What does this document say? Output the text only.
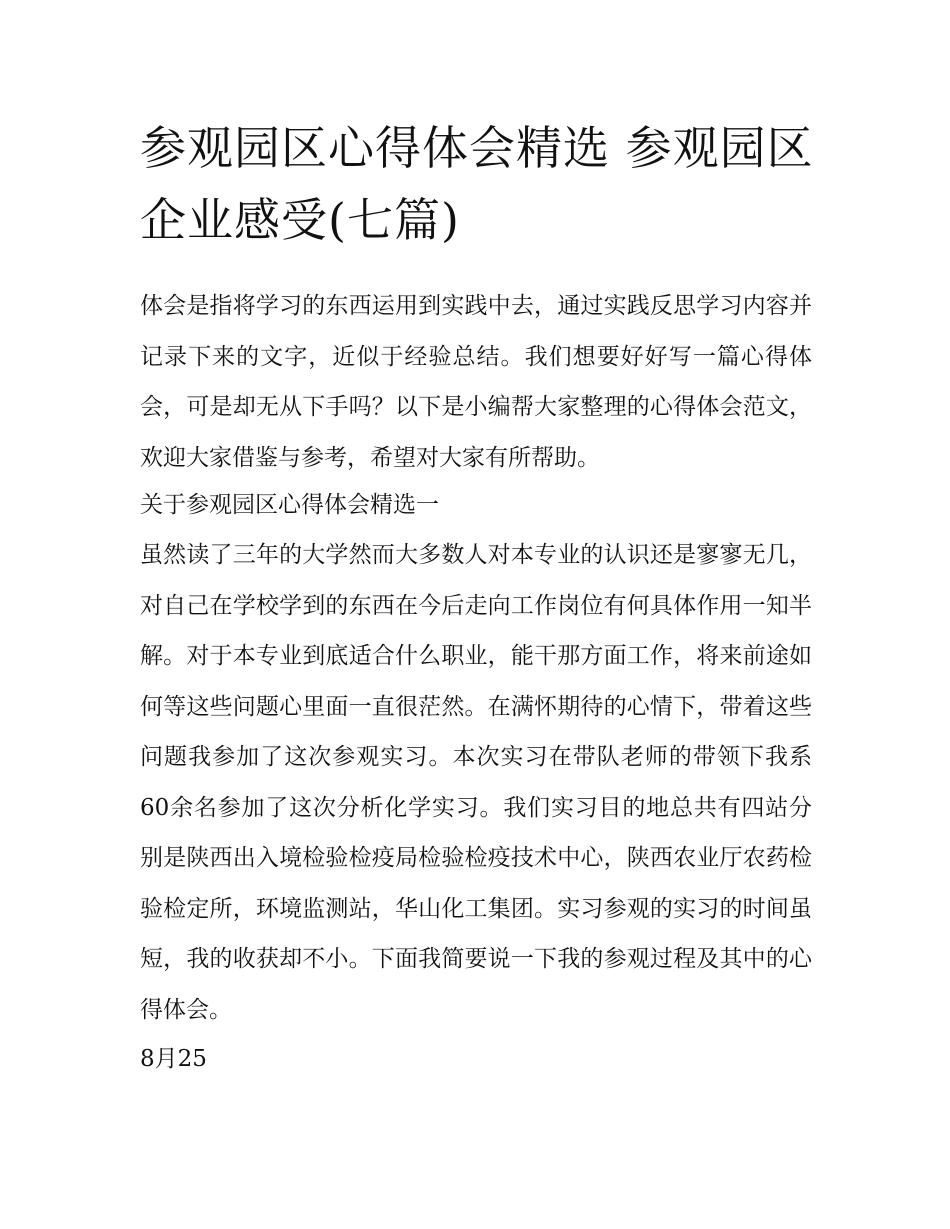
参观园区心得体会精选 参观园区企业感受(七篇)

体会是指将学习的东西运用到实践中去，通过实践反思学习内容并记录下来的文字，近似于经验总结。我们想要好好写一篇心得体会，可是却无从下手吗？以下是小编帮大家整理的心得体会范文，欢迎大家借鉴与参考，希望对大家有所帮助。

关于参观园区心得体会精选一

虽然读了三年的大学然而大多数人对本专业的认识还是寥寥无几，对自己在学校学到的东西在今后走向工作岗位有何具体作用一知半解。对于本专业到底适合什么职业，能干那方面工作，将来前途如何等这些问题心里面一直很茫然。在满怀期待的心情下，带着这些问题我参加了这次参观实习。本次实习在带队老师的带领下我系60余名参加了这次分析化学实习。我们实习目的地总共有四站分别是陕西出入境检验检疫局检验检疫技术中心，陕西农业厅农药检验检定所，环境监测站，华山化工集团。实习参观的实习的时间虽短，我的收获却不小。下面我简要说一下我的参观过程及其中的心得体会。

8月25
